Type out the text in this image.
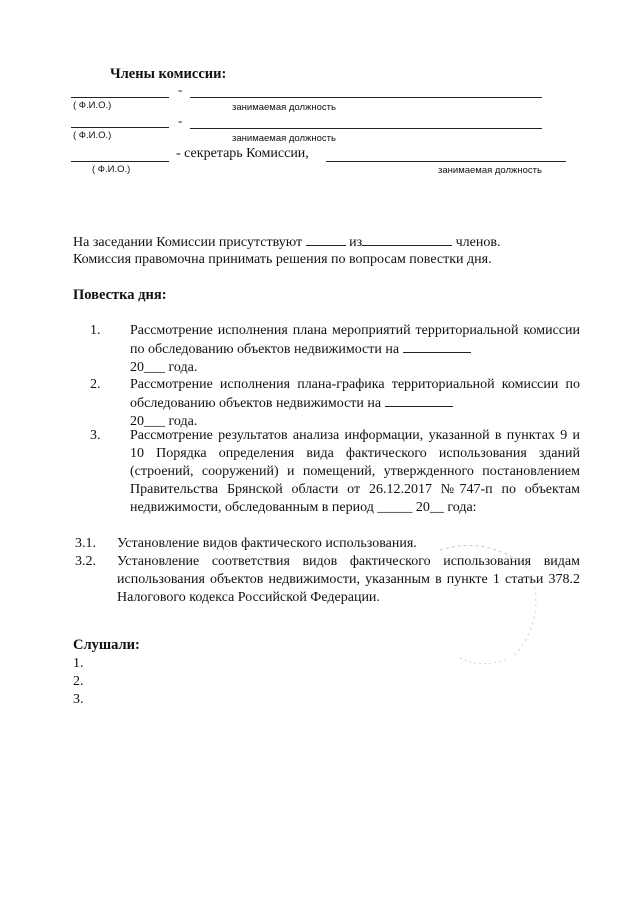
Члены комиссии:
-
( Ф.И.О.)	занимаемая должность
-
( Ф.И.О.)	занимаемая должность
- секретарь Комиссии,
( Ф.И.О.)	занимаемая должность
На заседании Комиссии присутствуют	из	членов.
Комиссия правомочна принимать решения по вопросам повестки дня.
Повестка дня:
1. Рассмотрение исполнения плана мероприятий территориальной комиссии по обследованию объектов недвижимости на
20___ года.
2. Рассмотрение исполнения плана-графика территориальной комиссии по обследованию объектов недвижимости на
20___ года.
3. Рассмотрение результатов анализа информации, указанной в пунктах 9 и 10 Порядка определения вида фактического использования зданий (строений, сооружений) и помещений, утвержденного постановлением Правительства Брянской области от 26.12.2017 №747-п по объектам недвижимости, обследованным в период _____ 20__ года:
3.1. Установление видов фактического использования.
3.2. Установление соответствия видов фактического использования видам использования объектов недвижимости, указанным в пункте 1 статьи 378.2 Налогового кодекса Российской Федерации.
Слушали:
1.
2.
3.
